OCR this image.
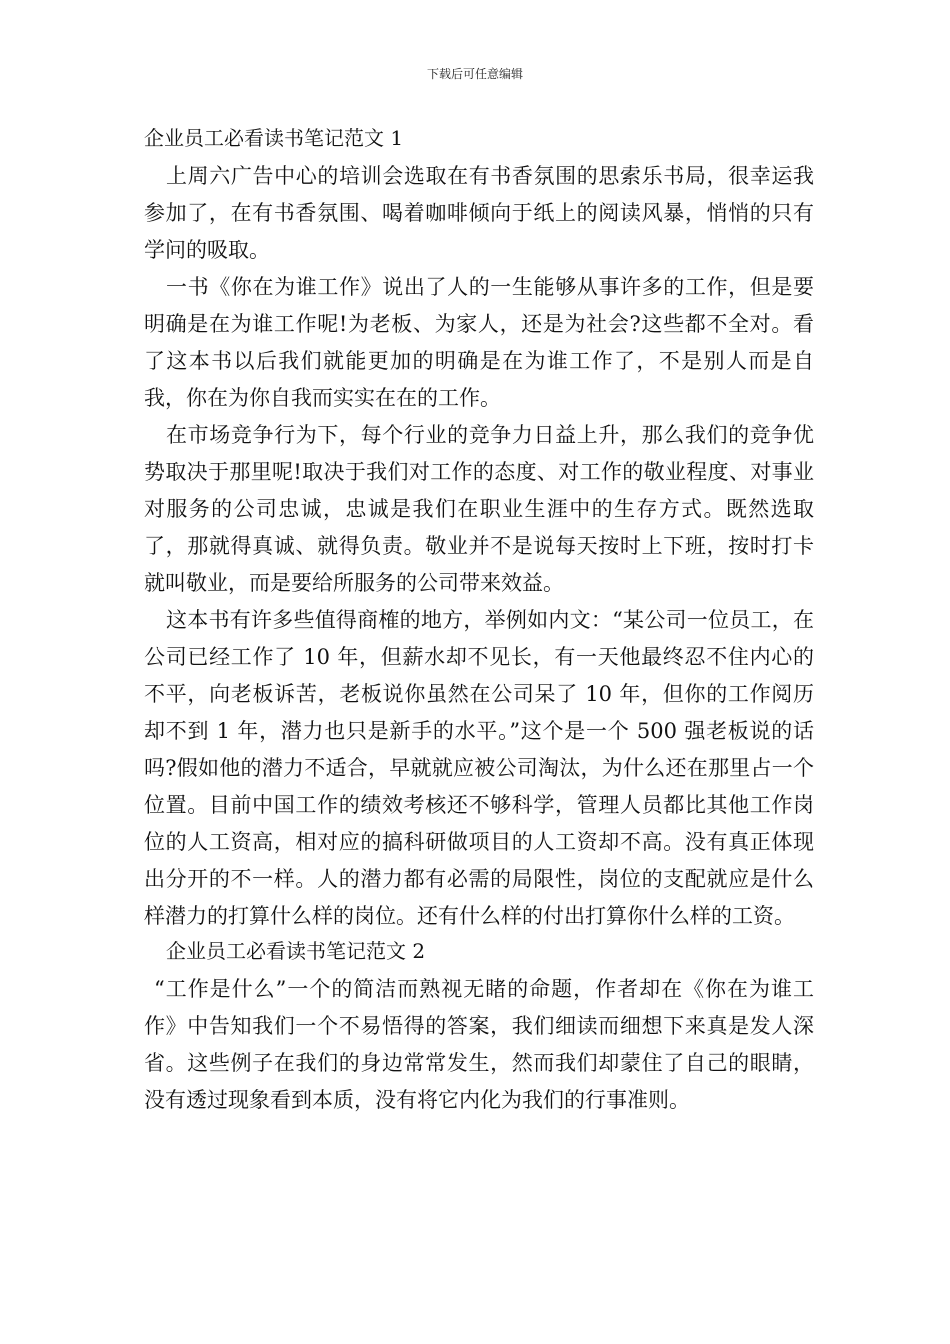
下载后可任意编辑
企业员工必看读书笔记范文 1

上周六广告中心的培训会选取在有书香氛围的思索乐书局，很幸运我参加了，在有书香氛围、喝着咖啡倾向于纸上的阅读风暴，悄悄的只有学问的吸取。

一书《你在为谁工作》说出了人的一生能够从事许多的工作，但是要明确是在为谁工作呢!为老板、为家人，还是为社会?这些都不全对。看了这本书以后我们就能更加的明确是在为谁工作了，不是别人而是自我，你在为你自我而实实在在的工作。

在市场竞争行为下，每个行业的竞争力日益上升，那么我们的竞争优势取决于那里呢!取决于我们对工作的态度、对工作的敬业程度、对事业对服务的公司忠诚，忠诚是我们在职业生涯中的生存方式。既然选取了，那就得真诚、就得负责。敬业并不是说每天按时上下班，按时打卡就叫敬业，而是要给所服务的公司带来效益。

这本书有许多些值得商榷的地方，举例如内文：“某公司一位员工，在公司已经工作了 10 年，但薪水却不见长，有一天他最终忍不住内心的不平，向老板诉苦，老板说你虽然在公司呆了 10 年，但你的工作阅历却不到 1 年，潜力也只是新手的水平。”这个是一个 500 强老板说的话吗?假如他的潜力不适合，早就就应被公司淘汰，为什么还在那里占一个位置。目前中国工作的绩效考核还不够科学，管理人员都比其他工作岗位的人工资高，相对应的搞科研做项目的人工资却不高。没有真正体现出分开的不一样。人的潜力都有必需的局限性，岗位的支配就应是什么样潜力的打算什么样的岗位。还有什么样的付出打算你什么样的工资。

企业员工必看读书笔记范文 2

“工作是什么”一个的简洁而熟视无睹的命题，作者却在《你在为谁工作》中告知我们一个不易悟得的答案，我们细读而细想下来真是发人深省。这些例子在我们的身边常常发生，然而我们却蒙住了自己的眼睛，没有透过现象看到本质，没有将它内化为我们的行事准则。
